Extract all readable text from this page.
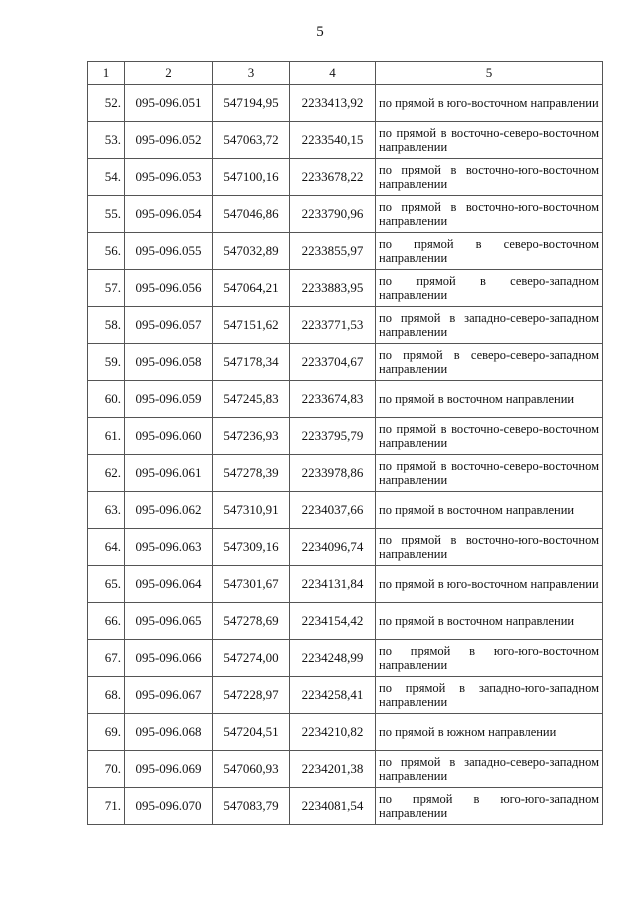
5
1	2	3	4	5
52.	095-096.051	547194,95	2233413,92	по прямой в юго-восточном направлении
53.	095-096.052	547063,72	2233540,15	по прямой в восточно-северо-восточном направлении
54.	095-096.053	547100,16	2233678,22	по прямой в восточно-юго-восточном направлении
55.	095-096.054	547046,86	2233790,96	по прямой в восточно-юго-восточном направлении
56.	095-096.055	547032,89	2233855,97	по прямой в северо-восточном направлении
57.	095-096.056	547064,21	2233883,95	по прямой в северо-западном направлении
58.	095-096.057	547151,62	2233771,53	по прямой в западно-северо-западном направлении
59.	095-096.058	547178,34	2233704,67	по прямой в северо-северо-западном направлении
60.	095-096.059	547245,83	2233674,83	по прямой в восточном направлении
61.	095-096.060	547236,93	2233795,79	по прямой в восточно-северо-восточном направлении
62.	095-096.061	547278,39	2233978,86	по прямой в восточно-северо-восточном направлении
63.	095-096.062	547310,91	2234037,66	по прямой в восточном направлении
64.	095-096.063	547309,16	2234096,74	по прямой в восточно-юго-восточном направлении
65.	095-096.064	547301,67	2234131,84	по прямой в юго-восточном направлении
66.	095-096.065	547278,69	2234154,42	по прямой в восточном направлении
67.	095-096.066	547274,00	2234248,99	по прямой в юго-юго-восточном направлении
68.	095-096.067	547228,97	2234258,41	по прямой в западно-юго-западном направлении
69.	095-096.068	547204,51	2234210,82	по прямой в южном направлении
70.	095-096.069	547060,93	2234201,38	по прямой в западно-северо-западном направлении
71.	095-096.070	547083,79	2234081,54	по прямой в юго-юго-западном направлении
